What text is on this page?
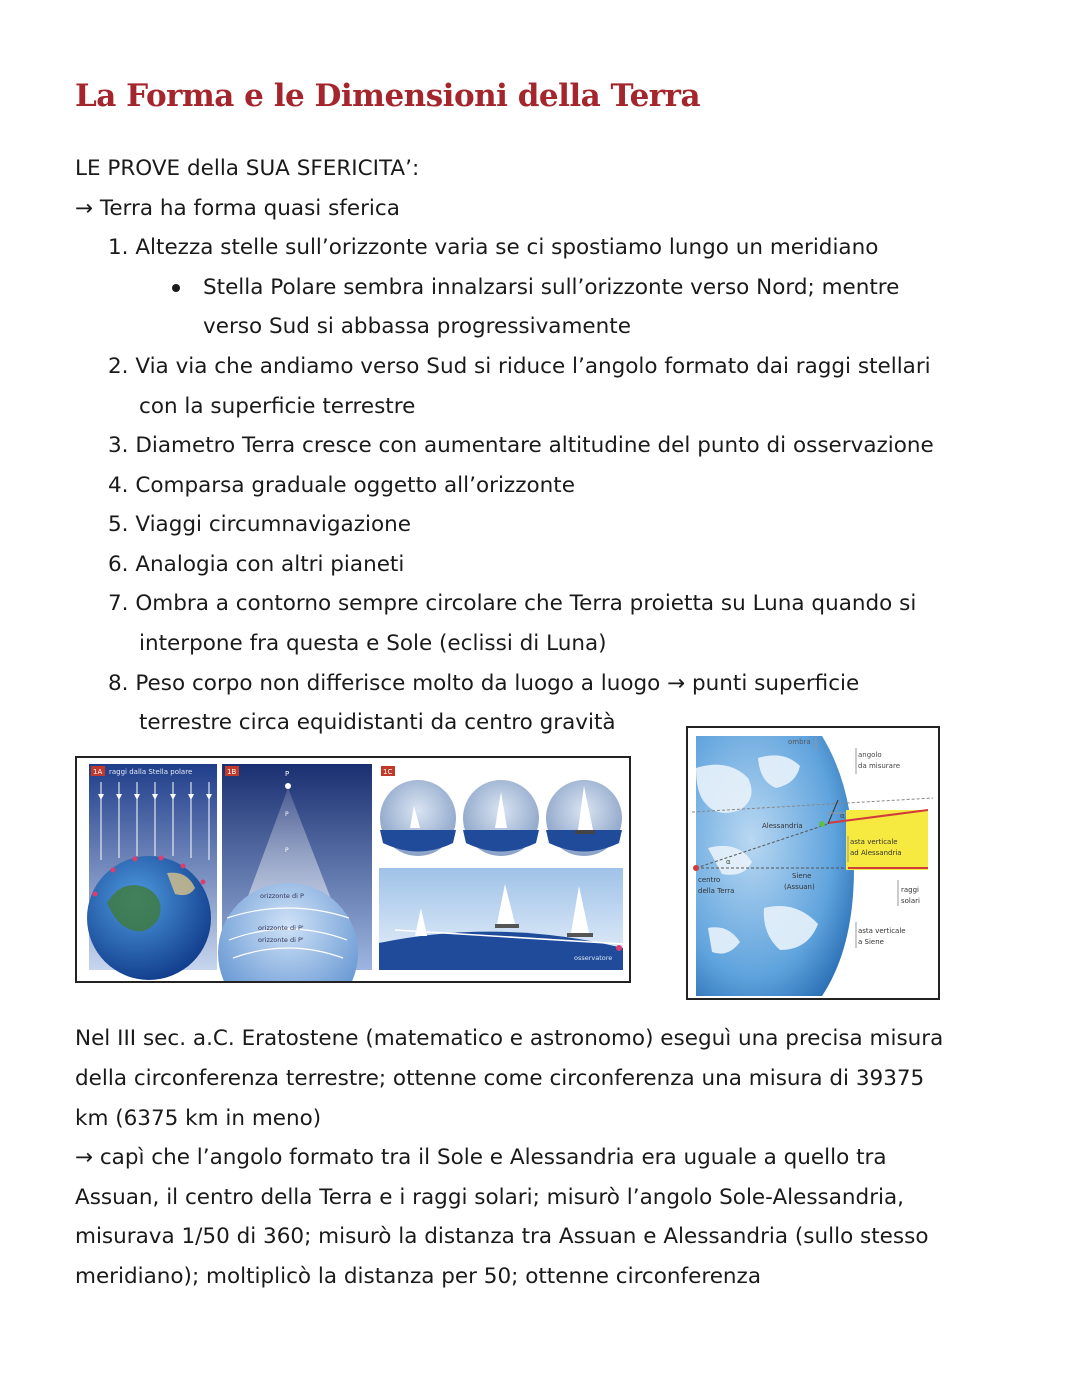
La Forma e le Dimensioni della Terra
LE PROVE della SUA SFERICITA’:
→ Terra ha forma quasi sferica
1. Altezza stelle sull’orizzonte varia se ci spostiamo lungo un meridiano
Stella Polare sembra innalzarsi sull’orizzonte verso Nord; mentre
verso Sud si abbassa progressivamente
2. Via via che andiamo verso Sud si riduce l’angolo formato dai raggi stellari
con la superficie terrestre
3. Diametro Terra cresce con aumentare altitudine del punto di osservazione
4. Comparsa graduale oggetto all’orizzonte
5. Viaggi circumnavigazione
6. Analogia con altri pianeti
7. Ombra a contorno sempre circolare che Terra proietta su Luna quando si
interpone fra questa e Sole (eclissi di Luna)
8. Peso corpo non differisce molto da luogo a luogo → punti superficie
terrestre circa equidistanti da centro gravità
1A raggi dalla Stella polare	1B	P
P
P
orizzonte di P
orizzonte di P'
orizzonte di P'
1C
osservatore
α
α
ombra
angolo
da misurare
Alessandria
asta verticale
ad Alessandria
centro
della Terra
Siene
(Assuan)	raggi
solari
asta verticale
a Siene
Nel III sec. a.C. Eratostene (matematico e astronomo) eseguì una precisa misura
della circonferenza terrestre; ottenne come circonferenza una misura di 39375
km (6375 km in meno)
→ capì che l’angolo formato tra il Sole e Alessandria era uguale a quello tra
Assuan, il centro della Terra e i raggi solari; misurò l’angolo Sole-Alessandria,
misurava 1/50 di 360; misurò la distanza tra Assuan e Alessandria (sullo stesso
meridiano); moltiplicò la distanza per 50; ottenne circonferenza
